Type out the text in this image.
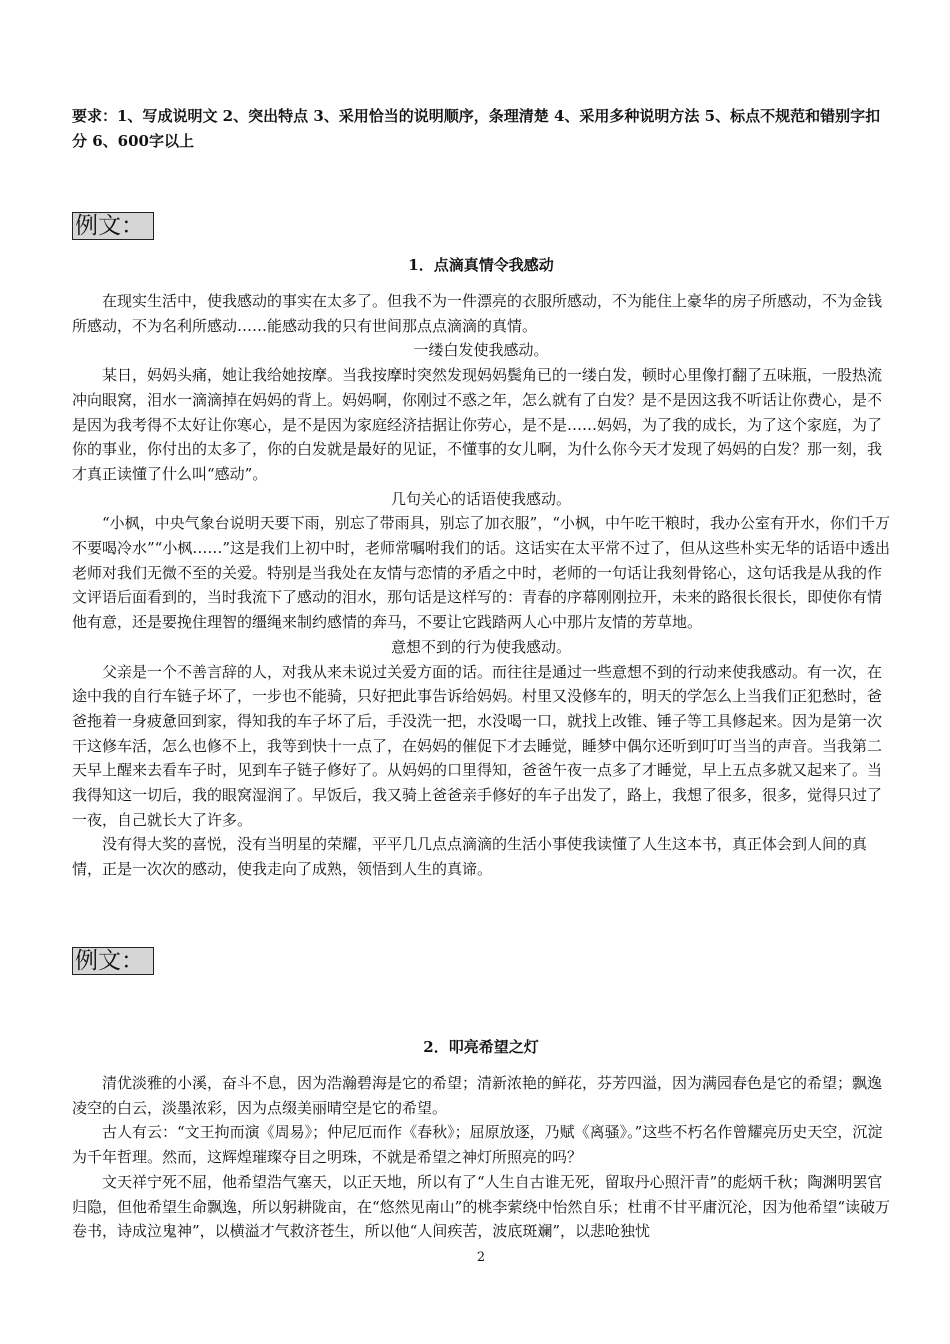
要求：1、写成说明文 2、突出特点 3、采用恰当的说明顺序，条理清楚 4、采用多种说明方法 5、标点不规范和错别字扣分 6、600字以上
例文：
1．点滴真情令我感动

在现实生活中，使我感动的事实在太多了。但我不为一件漂亮的衣服所感动，不为能住上豪华的房子所感动，不为金钱所感动，不为名利所感动……能感动我的只有世间那点点滴滴的真情。

一缕白发使我感动。

某日，妈妈头痛，她让我给她按摩。当我按摩时突然发现妈妈鬓角已的一缕白发，顿时心里像打翻了五味瓶，一股热流冲向眼窝，泪水一滴滴掉在妈妈的背上。妈妈啊，你刚过不惑之年，怎么就有了白发？是不是因这我不听话让你费心，是不是因为我考得不太好让你寒心，是不是因为家庭经济拮据让你劳心，是不是……妈妈，为了我的成长，为了这个家庭，为了你的事业，你付出的太多了，你的白发就是最好的见证，不懂事的女儿啊，为什么你今天才发现了妈妈的白发？那一刻，我才真正读懂了什么叫“感动”。

几句关心的话语使我感动。

“小枫，中央气象台说明天要下雨，别忘了带雨具，别忘了加衣服”，“小枫，中午吃干粮时，我办公室有开水，你们千万不要喝冷水”“小枫……”这是我们上初中时，老师常嘱咐我们的话。这话实在太平常不过了，但从这些朴实无华的话语中透出老师对我们无微不至的关爱。特别是当我处在友情与恋情的矛盾之中时，老师的一句话让我刻骨铭心，这句话我是从我的作文评语后面看到的，当时我流下了感动的泪水，那句话是这样写的：青春的序幕刚刚拉开，未来的路很长很长，即使你有情他有意，还是要挽住理智的缰绳来制约感情的奔马，不要让它践踏两人心中那片友情的芳草地。

意想不到的行为使我感动。

父亲是一个不善言辞的人，对我从来未说过关爱方面的话。而往往是通过一些意想不到的行动来使我感动。有一次，在途中我的自行车链子坏了，一步也不能骑，只好把此事告诉给妈妈。村里又没修车的，明天的学怎么上当我们正犯愁时，爸爸拖着一身疲惫回到家，得知我的车子坏了后，手没洗一把，水没喝一口，就找上改锥、锤子等工具修起来。因为是第一次干这修车活，怎么也修不上，我等到快十一点了，在妈妈的催促下才去睡觉，睡梦中偶尔还听到叮叮当当的声音。当我第二天早上醒来去看车子时，见到车子链子修好了。从妈妈的口里得知，爸爸午夜一点多了才睡觉，早上五点多就又起来了。当我得知这一切后，我的眼窝湿润了。早饭后，我又骑上爸爸亲手修好的车子出发了，路上，我想了很多，很多，觉得只过了一夜，自己就长大了许多。

没有得大奖的喜悦，没有当明星的荣耀，平平几几点点滴滴的生活小事使我读懂了人生这本书，真正体会到人间的真情，正是一次次的感动，使我走向了成熟，领悟到人生的真谛。

例文：
2．叩亮希望之灯

清优淡雅的小溪，奋斗不息，因为浩瀚碧海是它的希望；清新浓艳的鲜花，芬芳四溢，因为满园春色是它的希望；飘逸凌空的白云，淡墨浓彩，因为点缀美丽晴空是它的希望。

古人有云：“文王拘而演《周易》；仲尼厄而作《春秋》；屈原放逐，乃赋《离骚》。”这些不朽名作曾耀亮历史天空，沉淀为千年哲理。然而，这辉煌璀璨夺目之明珠，不就是希望之神灯所照亮的吗？

文天祥宁死不屈，他希望浩气塞天，以正天地，所以有了“人生自古谁无死，留取丹心照汗青”的彪炳千秋；陶渊明罢官归隐，但他希望生命飘逸，所以躬耕陇亩，在“悠然见南山”的桃李萦绕中怡然自乐；杜甫不甘平庸沉沦，因为他希望“读破万卷书，诗成泣鬼神”，以横溢才气救济苍生，所以他“人间疾苦，波底斑斓”，以悲呛独忧

2
